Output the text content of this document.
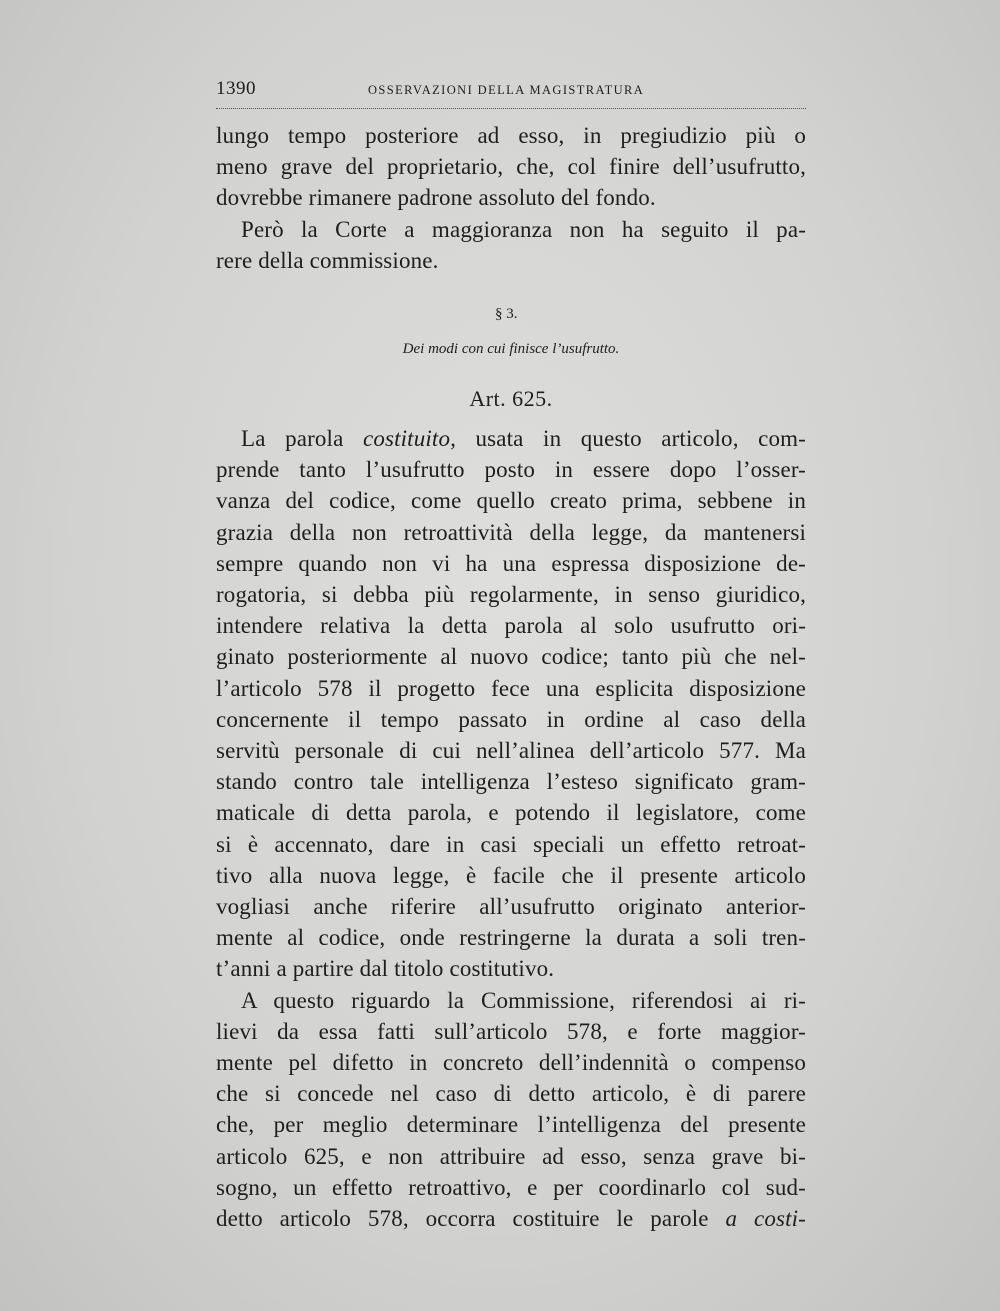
1390	OSSERVAZIONI DELLA MAGISTRATURA
lungo tempo posteriore ad esso, in pregiudizio più o
meno grave del proprietario, che, col finire dell’usufrutto,
dovrebbe rimanere padrone assoluto del fondo.
Però la Corte a maggioranza non ha seguito il pa-
rere della commissione.
§ 3.
Dei modi con cui finisce l’usufrutto.
Art. 625.
La parola costituito, usata in questo articolo, com-
prende tanto l’usufrutto posto in essere dopo l’osser-
vanza del codice, come quello creato prima, sebbene in
grazia della non retroattività della legge, da mantenersi
sempre quando non vi ha una espressa disposizione de-
rogatoria, si debba più regolarmente, in senso giuridico,
intendere relativa la detta parola al solo usufrutto ori-
ginato posteriormente al nuovo codice; tanto più che nel-
l’articolo 578 il progetto fece una esplicita disposizione
concernente il tempo passato in ordine al caso della
servitù personale di cui nell’alinea dell’articolo 577. Ma
stando contro tale intelligenza l’esteso significato gram-
maticale di detta parola, e potendo il legislatore, come
si è accennato, dare in casi speciali un effetto retroat-
tivo alla nuova legge, è facile che il presente articolo
vogliasi anche riferire all’usufrutto originato anterior-
mente al codice, onde restringerne la durata a soli tren-
t’anni a partire dal titolo costitutivo.
A questo riguardo la Commissione, riferendosi ai ri-
lievi da essa fatti sull’articolo 578, e forte maggior-
mente pel difetto in concreto dell’indennità o compenso
che si concede nel caso di detto articolo, è di parere
che, per meglio determinare l’intelligenza del presente
articolo 625, e non attribuire ad esso, senza grave bi-
sogno, un effetto retroattivo, e per coordinarlo col sud-
detto articolo 578, occorra costituire le parole a costi-
